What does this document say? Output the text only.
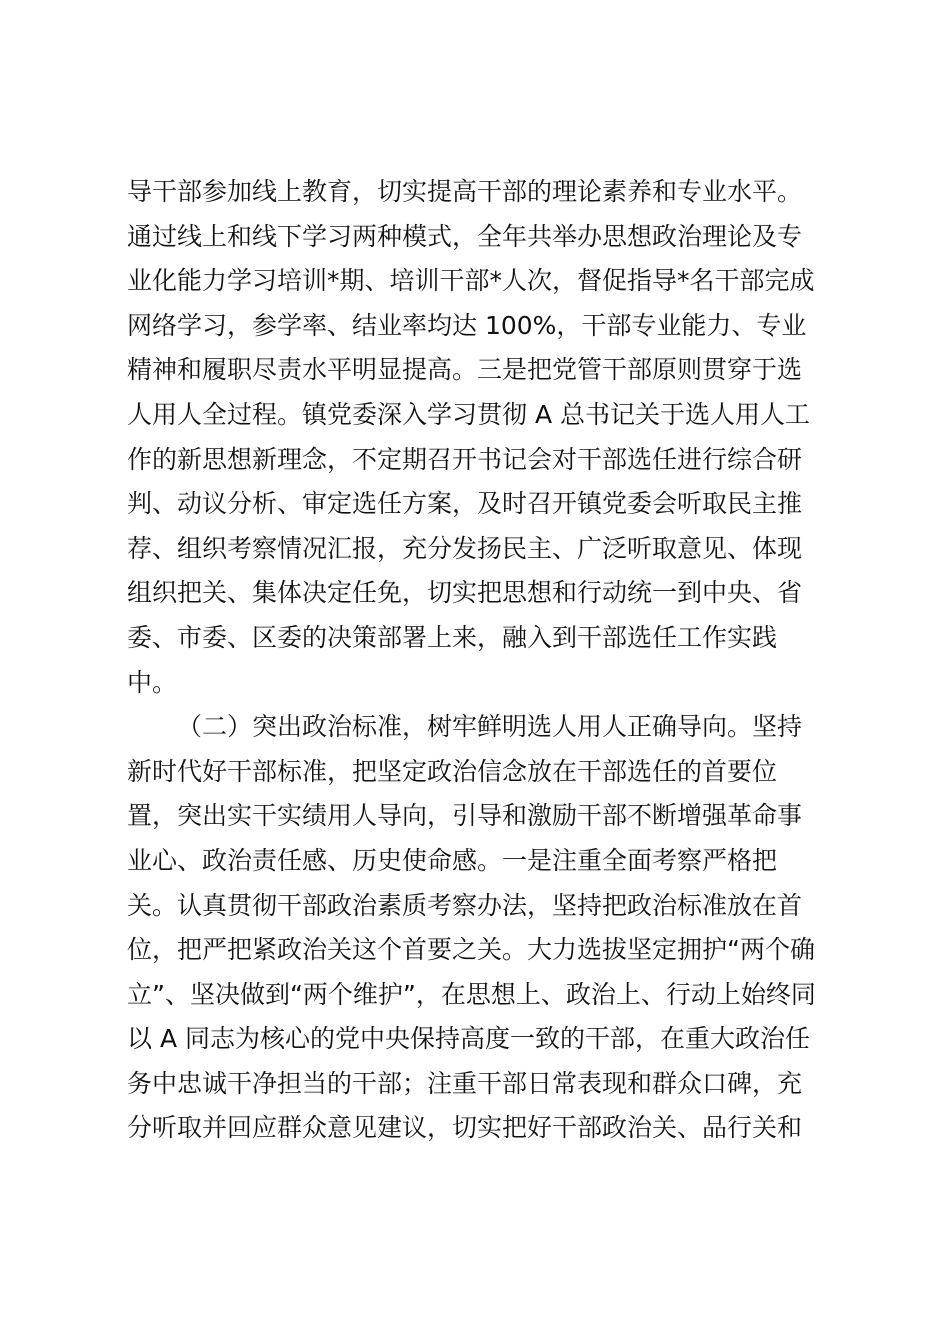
导干部参加线上教育，切实提高干部的理论素养和专业水平。
通过线上和线下学习两种模式，全年共举办思想政治理论及专
业化能力学习培训*期、培训干部*人次，督促指导*名干部完成
网络学习，参学率、结业率均达 100%，干部专业能力、专业
精神和履职尽责水平明显提高。三是把党管干部原则贯穿于选
人用人全过程。镇党委深入学习贯彻 A 总书记关于选人用人工
作的新思想新理念，不定期召开书记会对干部选任进行综合研
判、动议分析、审定选任方案，及时召开镇党委会听取民主推
荐、组织考察情况汇报，充分发扬民主、广泛听取意见、体现
组织把关、集体决定任免，切实把思想和行动统一到中央、省
委、市委、区委的决策部署上来，融入到干部选任工作实践
中。
（二）突出政治标准，树牢鲜明选人用人正确导向。坚持
新时代好干部标准，把坚定政治信念放在干部选任的首要位
置，突出实干实绩用人导向，引导和激励干部不断增强革命事
业心、政治责任感、历史使命感。一是注重全面考察严格把
关。认真贯彻干部政治素质考察办法，坚持把政治标准放在首
位，把严把紧政治关这个首要之关。大力选拔坚定拥护“两个确
立”、坚决做到“两个维护”，在思想上、政治上、行动上始终同
以 A 同志为核心的党中央保持高度一致的干部，在重大政治任
务中忠诚干净担当的干部；注重干部日常表现和群众口碑，充
分听取并回应群众意见建议，切实把好干部政治关、品行关和
